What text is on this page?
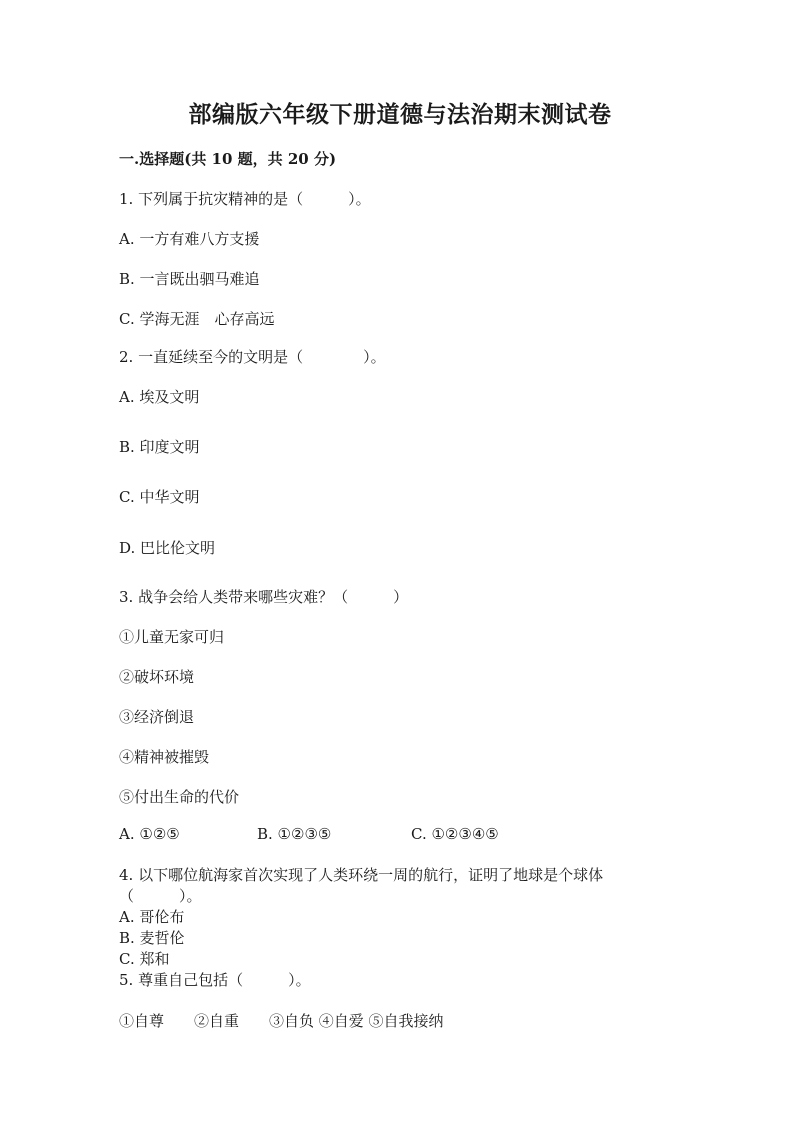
部编版六年级下册道德与法治期末测试卷
一.选择题(共 10 题，共 20 分)
1. 下列属于抗灾精神的是（　　　）。
A. 一方有难八方支援
B. 一言既出驷马难追
C. 学海无涯　心存高远
2. 一直延续至今的文明是（　　　　）。
A. 埃及文明
B. 印度文明
C. 中华文明
D. 巴比伦文明
3. 战争会给人类带来哪些灾难？（　　　）
①儿童无家可归
②破坏环境
③经济倒退
④精神被摧毁
⑤付出生命的代价
A. ①②⑤	B. ①②③⑤	C. ①②③④⑤
4. 以下哪位航海家首次实现了人类环绕一周的航行，证明了地球是个球体
（　　　）。
A. 哥伦布
B. 麦哲伦
C. 郑和
5. 尊重自己包括（　　　）。
①自尊　　②自重　　③自负 ④自爱 ⑤自我接纳
